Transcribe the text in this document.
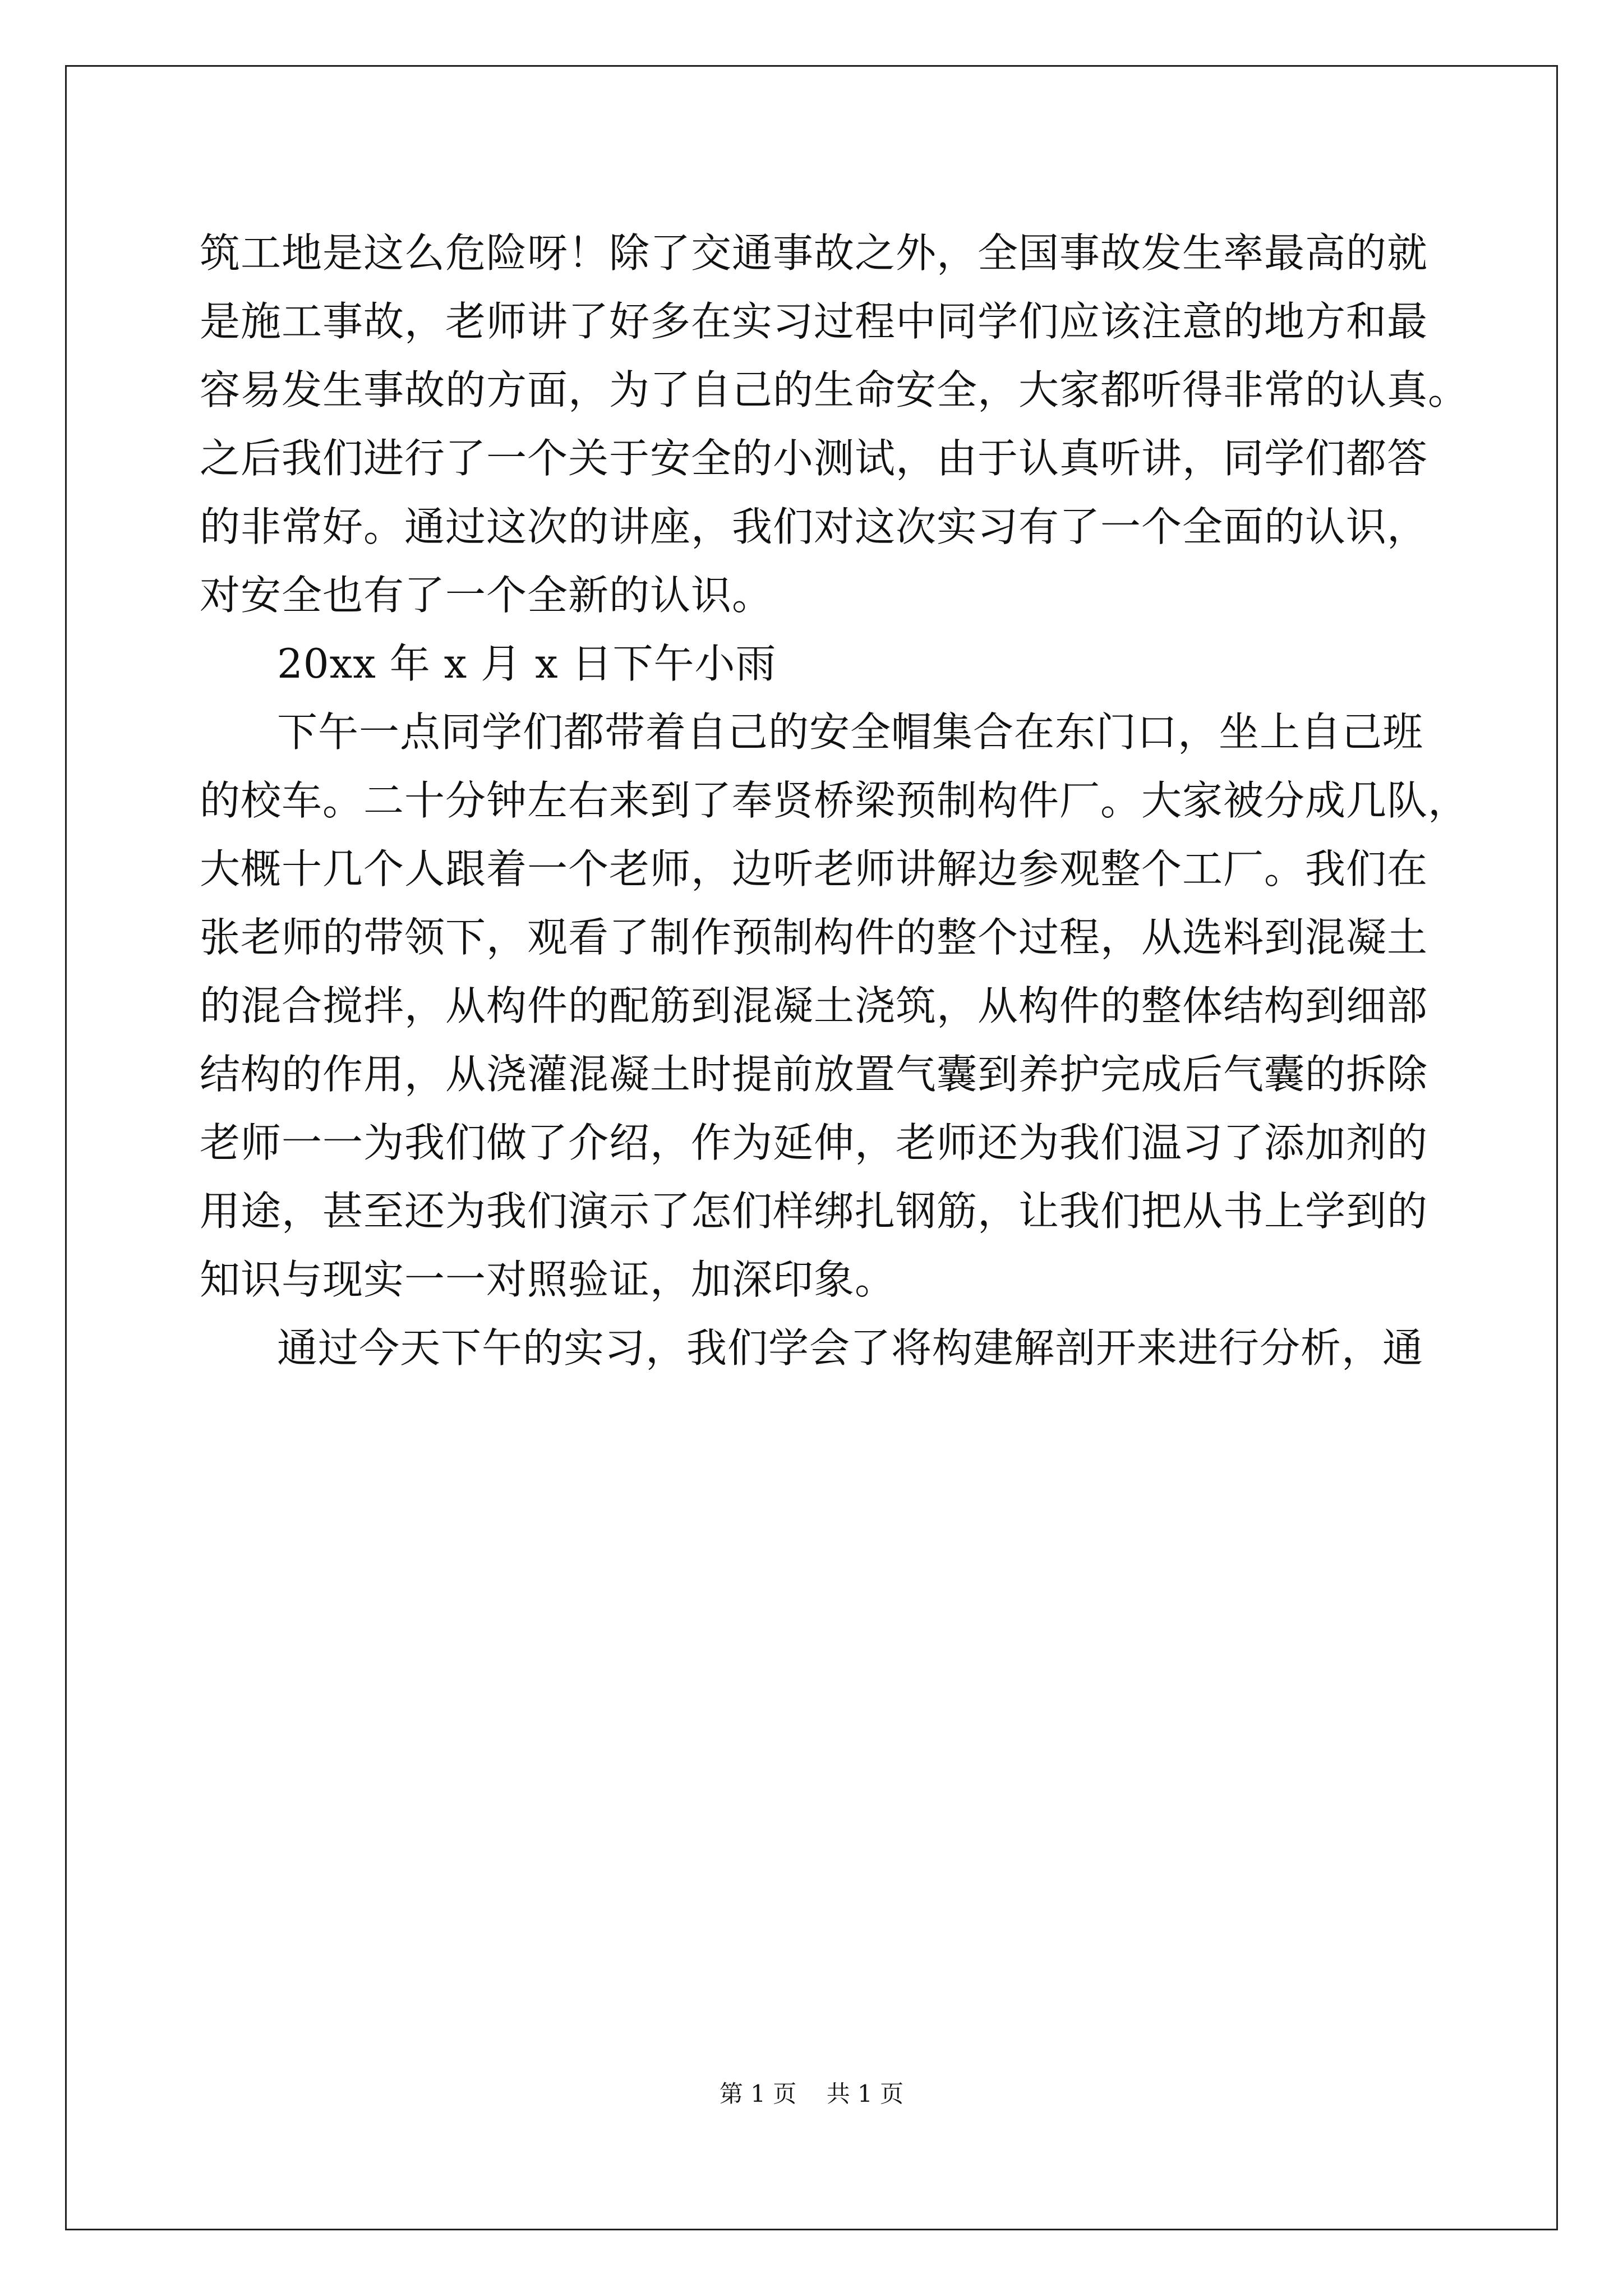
筑工地是这么危险呀！除了交通事故之外，全国事故发生率最高的就
是施工事故，老师讲了好多在实习过程中同学们应该注意的地方和最
容易发生事故的方面，为了自己的生命安全，大家都听得非常的认真。
之后我们进行了一个关于安全的小测试，由于认真听讲，同学们都答
的非常好。通过这次的讲座，我们对这次实习有了一个全面的认识，
对安全也有了一个全新的认识。
20xx 年 x 月 x 日下午小雨
下午一点同学们都带着自己的安全帽集合在东门口，坐上自己班
的校车。二十分钟左右来到了奉贤桥梁预制构件厂。大家被分成几队，
大概十几个人跟着一个老师，边听老师讲解边参观整个工厂。我们在
张老师的带领下，观看了制作预制构件的整个过程，从选料到混凝土
的混合搅拌，从构件的配筋到混凝土浇筑，从构件的整体结构到细部
结构的作用，从浇灌混凝土时提前放置气囊到养护完成后气囊的拆除
老师一一为我们做了介绍，作为延伸，老师还为我们温习了添加剂的
用途，甚至还为我们演示了怎们样绑扎钢筋，让我们把从书上学到的
知识与现实一一对照验证，加深印象。
通过今天下午的实习，我们学会了将构建解剖开来进行分析，通
第 1 页    共 1 页
